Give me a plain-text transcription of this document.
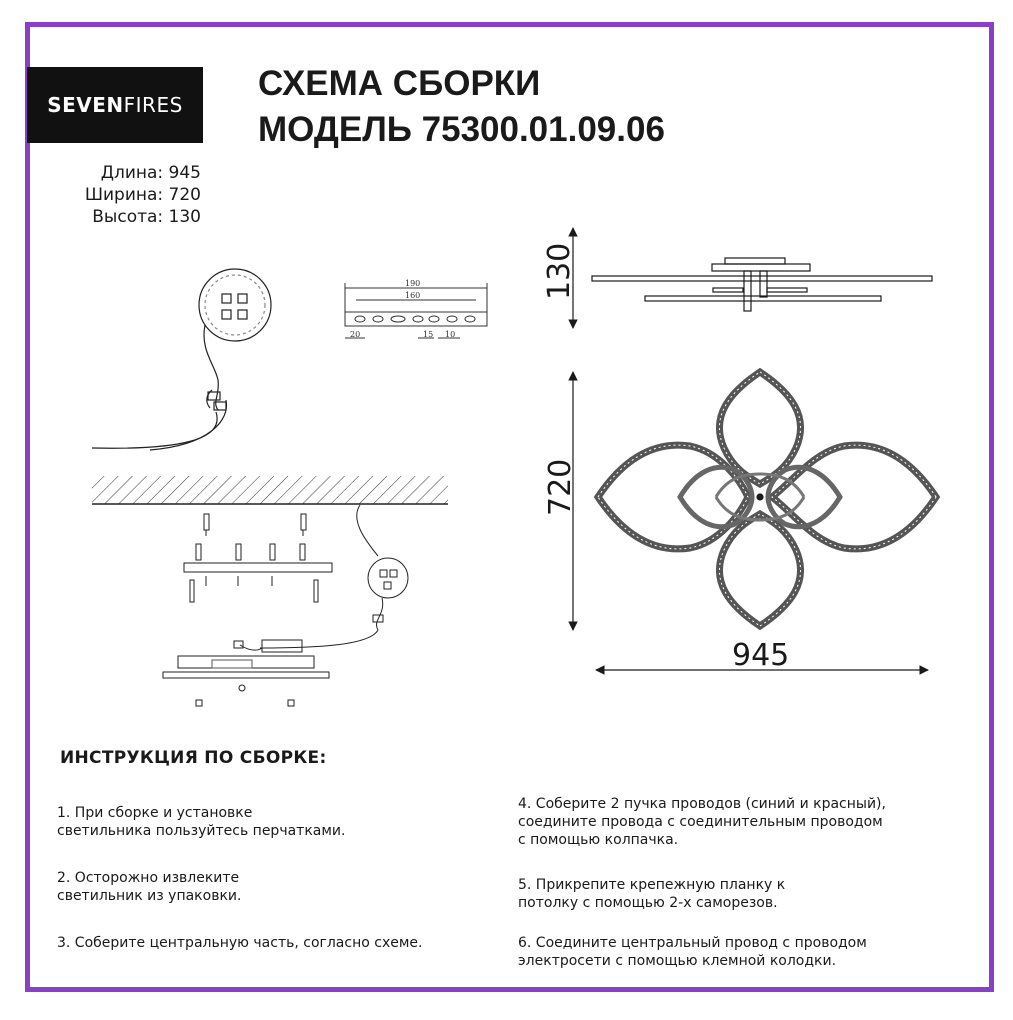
SEVEN FIRES
СХЕМА СБОРКИ
МОДЕЛЬ 75300.01.09.06
Длина: 945
Ширина: 720
Высота: 130
130
720
945
190
160
20	15 10
ИНСТРУКЦИЯ ПО СБОРКЕ:
1. При сборке и установке
светильника пользуйтесь перчатками.
2. Осторожно извлеките
светильник из упаковки.
3. Соберите центральную часть, согласно схеме.
4. Соберите 2 пучка проводов (синий и красный),
соедините провода с соединительным проводом
с помощью колпачка.
5. Прикрепите крепежную планку к
потолку с помощью 2-х саморезов.
6. Соедините центральный провод с проводом
электросети с помощью клемной колодки.
